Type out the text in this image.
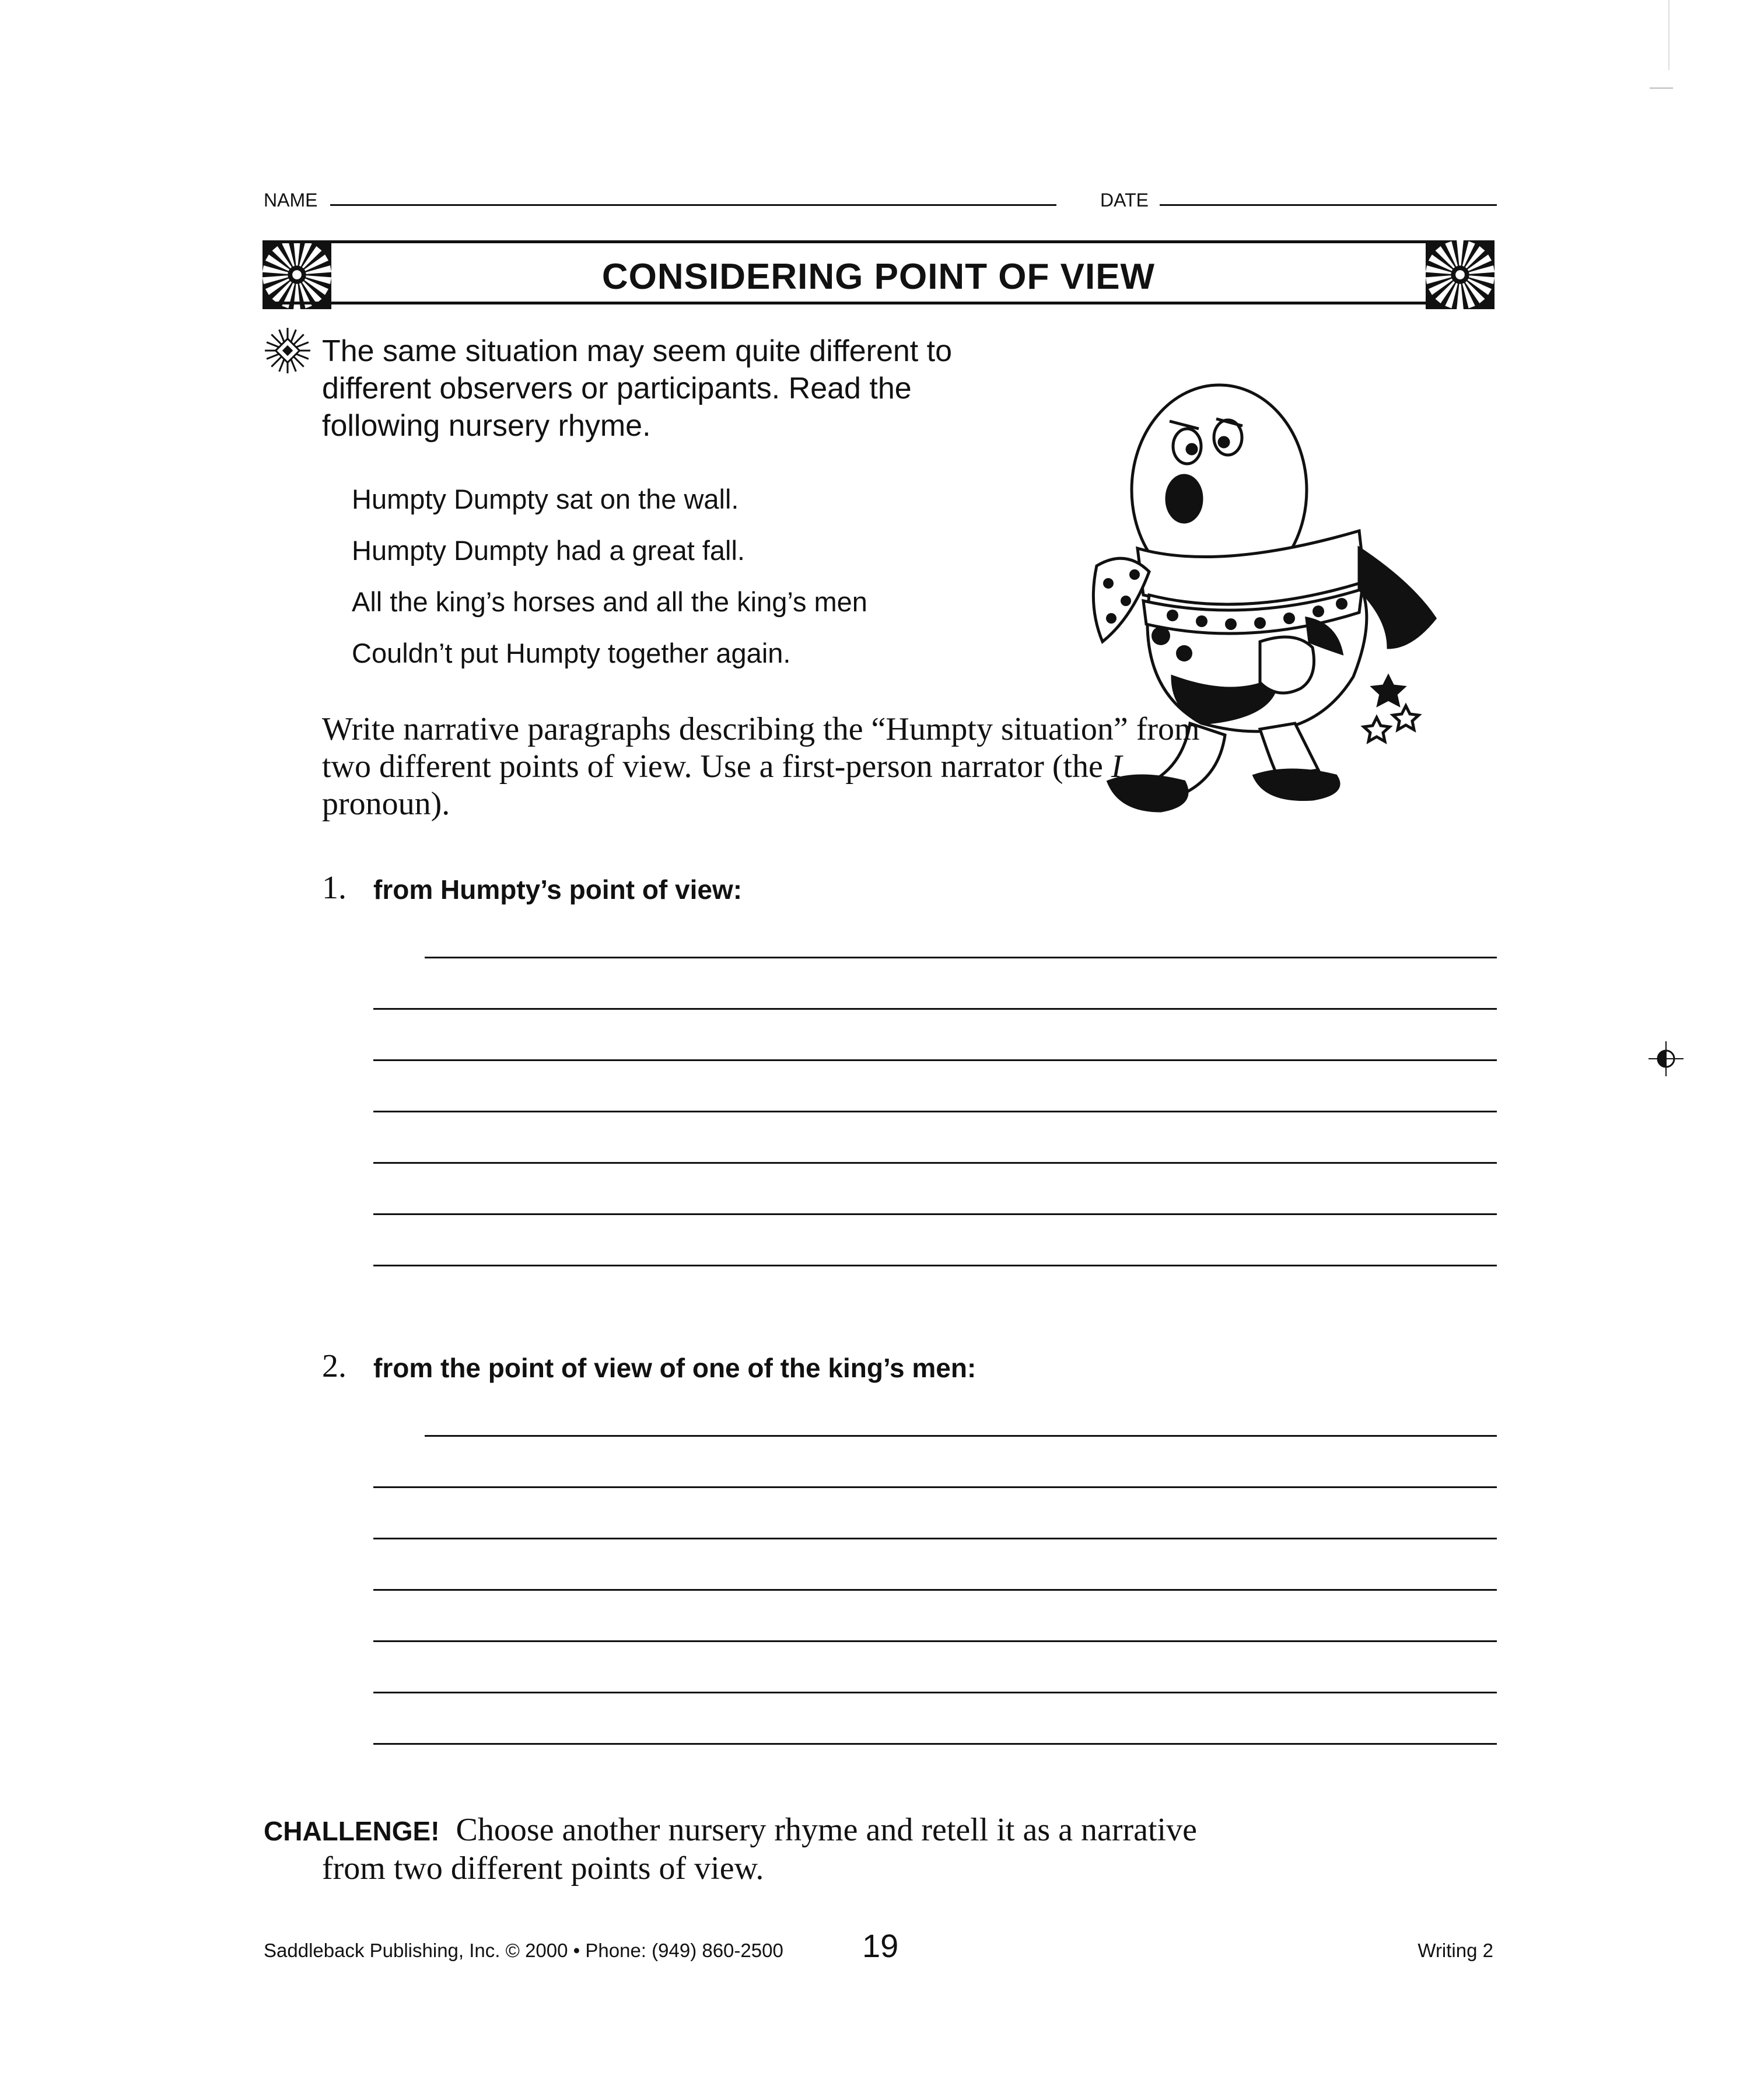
NAME	DATE
CONSIDERING POINT OF VIEW
The same situation may seem quite different to different observers or participants. Read the following nursery rhyme.
Humpty Dumpty sat on the wall.
Humpty Dumpty had a great fall.
All the king’s horses and all the king’s men
Couldn’t put Humpty together again.
Write narrative paragraphs describing the “Humpty situation” from two different points of view. Use a first-person narrator (the I pronoun).
1. from Humpty’s point of view:
2. from the point of view of one of the king’s men:
CHALLENGE! Choose another nursery rhyme and retell it as a narrative
from two different points of view.
Saddleback Publishing, Inc. © 2000 • Phone: (949) 860-2500 19	Writing 2
